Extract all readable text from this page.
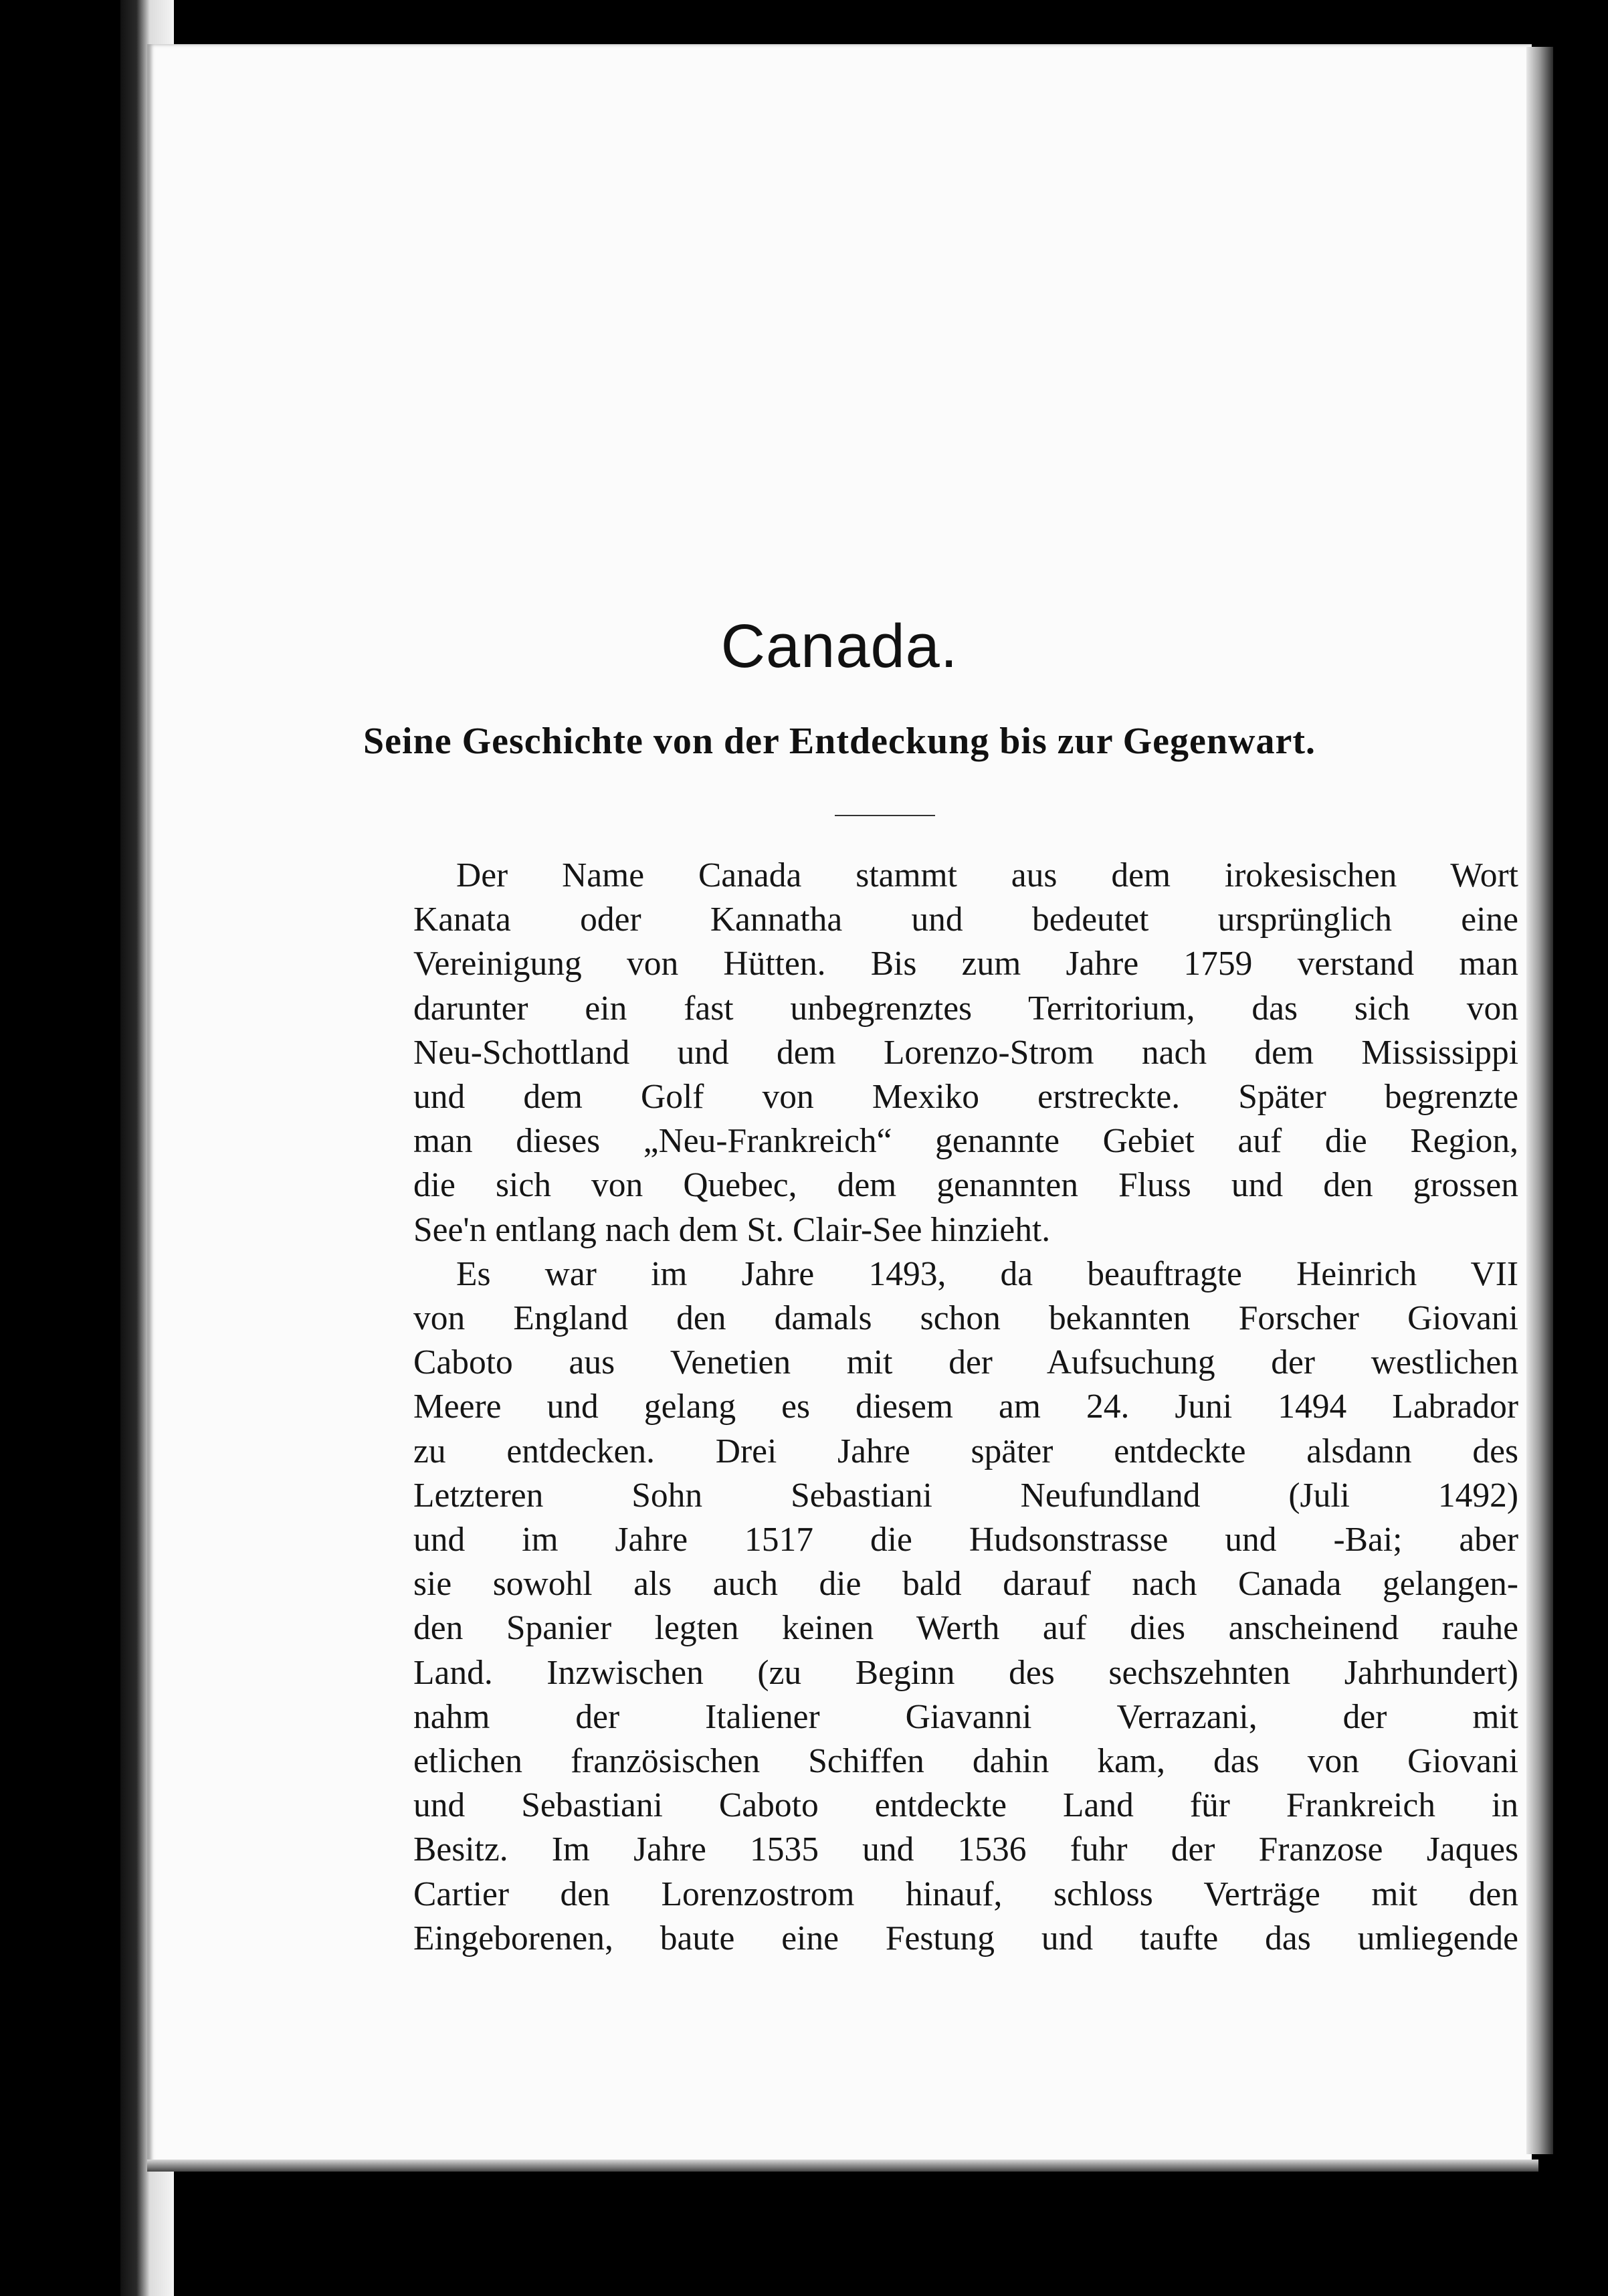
Canada.
Seine Geschichte von der Entdeckung bis zur Gegenwart.
Der Name Canada stammt aus dem irokesischen Wort
Kanata oder Kannatha und bedeutet ursprünglich eine
Vereinigung von Hütten. Bis zum Jahre 1759 verstand man
darunter ein fast unbegrenztes Territorium, das sich von
Neu-Schottland und dem Lorenzo-Strom nach dem Mississippi
und dem Golf von Mexiko erstreckte. Später begrenzte
man dieses „Neu-Frankreich“ genannte Gebiet auf die Region,
die sich von Quebec, dem genannten Fluss und den grossen
See'n entlang nach dem St. Clair-See hinzieht.
Es war im Jahre 1493, da beauftragte Heinrich VII
von England den damals schon bekannten Forscher Giovani
Caboto aus Venetien mit der Aufsuchung der westlichen
Meere und gelang es diesem am 24. Juni 1494 Labrador
zu entdecken. Drei Jahre später entdeckte alsdann des
Letzteren Sohn Sebastiani Neufundland (Juli 1492)
und im Jahre 1517 die Hudsonstrasse und -Bai; aber
sie sowohl als auch die bald darauf nach Canada gelangen-
den Spanier legten keinen Werth auf dies anscheinend rauhe
Land. Inzwischen (zu Beginn des sechszehnten Jahrhundert)
nahm der Italiener Giavanni Verrazani, der mit
etlichen französischen Schiffen dahin kam, das von Giovani
und Sebastiani Caboto entdeckte Land für Frankreich in
Besitz. Im Jahre 1535 und 1536 fuhr der Franzose Jaques
Cartier den Lorenzostrom hinauf, schloss Verträge mit den
Eingeborenen, baute eine Festung und taufte das umliegende
